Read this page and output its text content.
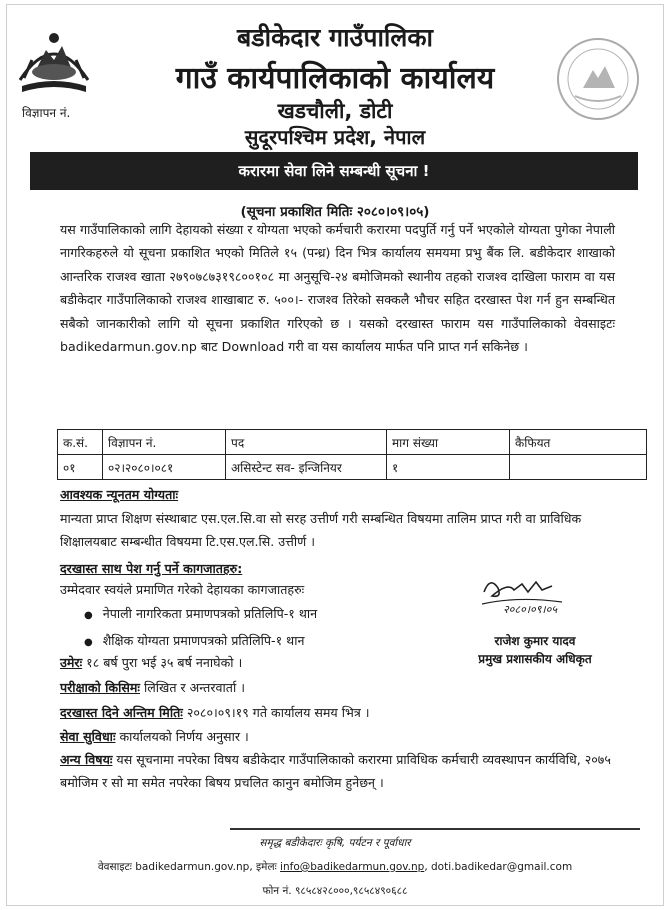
बडीकेदार गाउँपालिका
गाउँ कार्यपालिकाको कार्यालय
खडचौली, डोटी
सुदूरपश्चिम प्रदेश, नेपाल
विज्ञापन नं.
करारमा सेवा लिने सम्बन्धी सूचना !
(सूचना प्रकाशित मितिः २०८०।०९।०५)
यस गाउँपालिकाको लागि देहायको संख्या र योग्यता भएको कर्मचारी करारमा पदपुर्ति गर्नु पर्ने भएकोले योग्यता पुगेका नेपाली नागरिकहरुले यो सूचना प्रकाशित भएको मितिले १५ (पन्ध्र) दिन भित्र कार्यालय समयमा प्रभु बैंक लि. बडीकेदार शाखाको आन्तरिक राजश्व खाता २७९०७८७३१९८००१०८ मा अनुसूचि-२४ बमोजिमको स्थानीय तहको राजश्व दाखिला फाराम वा यस बडीकेदार गाउँपालिकाको राजश्व शाखाबाट रु. ५००।- राजश्व तिरेको सक्कलै भौचर सहित दरखास्त पेश गर्न हुन सम्बन्धित सबैको जानकारीको लागि यो सूचना प्रकाशित गरिएको छ । यसको दरखास्त फाराम यस गाउँपालिकाको वेवसाइटः badikedarmun.gov.np बाट Download गरी वा यस कार्यालय मार्फत पनि प्राप्त गर्न सकिनेछ ।
क.सं.	विज्ञापन नं.	पद	माग संख्या	कैफियत
०१	०२।२०८०।०८१	असिस्टेन्ट सव- इन्जिनियर	१	
आवश्यक न्यूनतम योग्यताः
मान्यता प्राप्त शिक्षण संस्थाबाट एस.एल.सि.वा सो सरह उत्तीर्ण गरी सम्बन्धित विषयमा तालिम प्राप्त गरी वा प्राविधिक शिक्षालयबाट सम्बन्धीत विषयमा टि.एस.एल.सि. उत्तीर्ण ।
दरखास्त साथ पेश गर्नु पर्ने कागजातहरु:
उम्मेदवार स्वयंले प्रमाणित गरेको देहायका कागजातहरुः
● नेपाली नागरिकता प्रमाणपत्रको प्रतिलिपि-१ थान
● शैक्षिक योग्यता प्रमाणपत्रको प्रतिलिपि-१ थान
२०८०।०९।०५
राजेश कुमार यादव
प्रमुख प्रशासकीय अधिकृत
उमेरः १८ बर्ष पुरा भई ३५ बर्ष ननाघेको ।
परीक्षाको किसिमः लिखित र अन्तरवार्ता ।
दरखास्त दिने अन्तिम मितिः २०८०।०९।१९ गते कार्यालय समय भित्र ।
सेवा सुविधाः कार्यालयको निर्णय अनुसार ।
अन्य विषयः यस सूचनामा नपरेका विषय बडीकेदार गाउँपालिकाको करारमा प्राविधिक कर्मचारी व्यवस्थापन कार्यविधि, २०७५ बमोजिम र सो मा समेत नपरेका बिषय प्रचलित कानुन बमोजिम हुनेछन् ।
समृद्ध बडीकेदारः कृषि, पर्यटन र पूर्वाधार
वेवसाइटः badikedarmun.gov.np, इमेलः info@badikedarmun.gov.np, doti.badikedar@gmail.com
फोन नं. ९८५८४२८०००,९८५८४९०६८८
